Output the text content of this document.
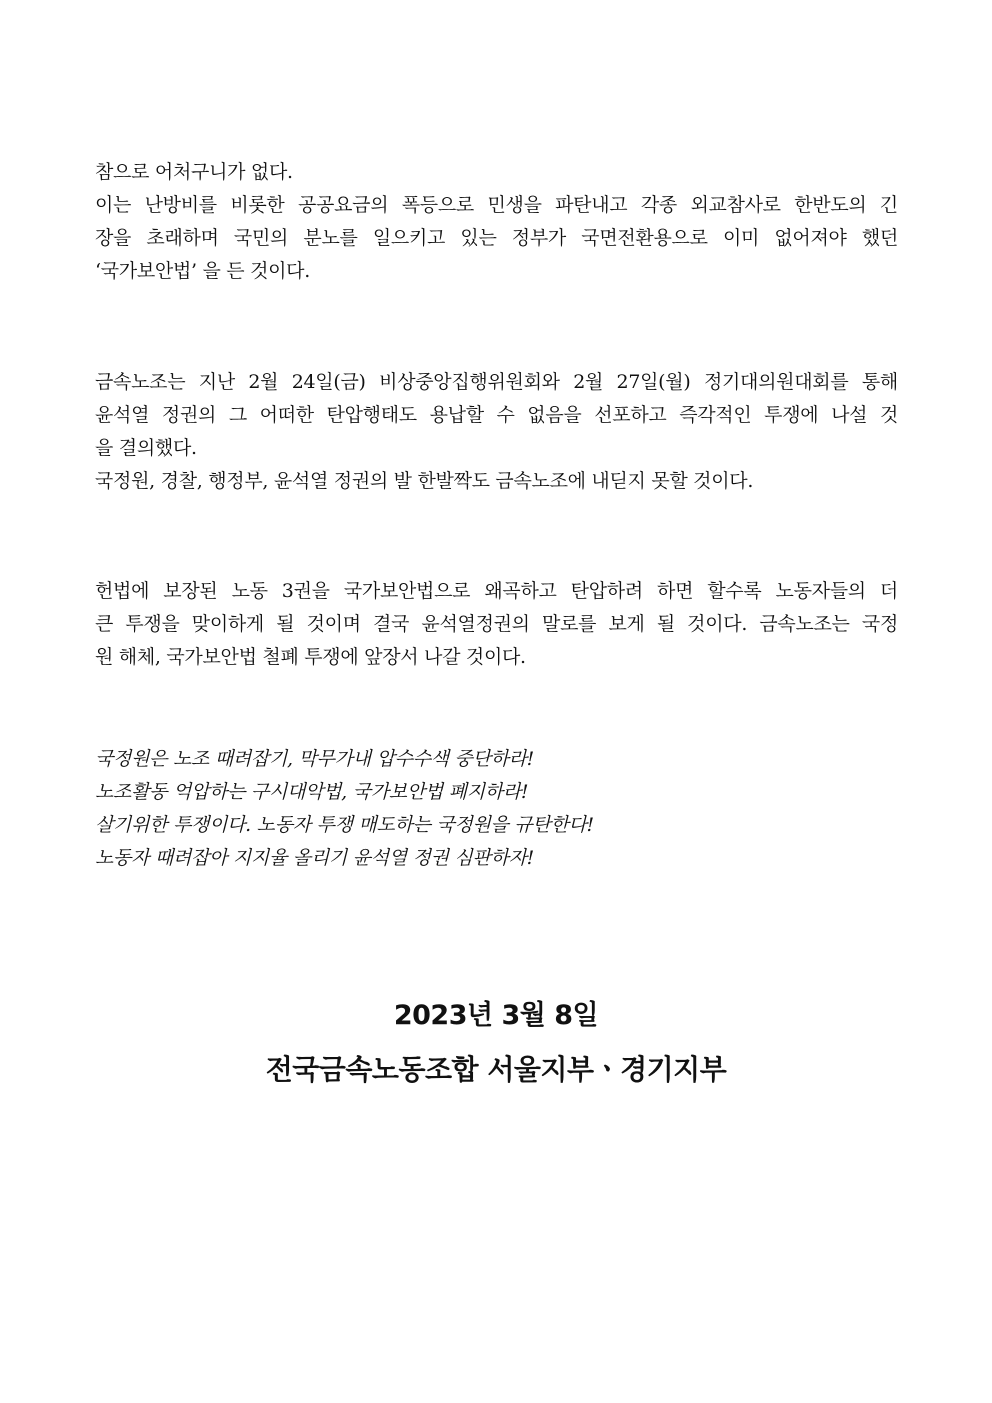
참으로 어처구니가 없다.
이는 난방비를 비롯한 공공요금의 폭등으로 민생을 파탄내고 각종 외교참사로 한반도의 긴
장을 초래하며 국민의 분노를 일으키고 있는 정부가 국면전환용으로 이미 없어져야 했던
‘국가보안법’ 을 든 것이다.
금속노조는 지난 2월 24일(금) 비상중앙집행위원회와 2월 27일(월) 정기대의원대회를 통해
윤석열 정권의 그 어떠한 탄압행태도 용납할 수 없음을 선포하고 즉각적인 투쟁에 나설 것
을 결의했다.
국정원, 경찰, 행정부, 윤석열 정권의 발 한발짝도 금속노조에 내딛지 못할 것이다.
헌법에 보장된 노동 3권을 국가보안법으로 왜곡하고 탄압하려 하면 할수록 노동자들의 더
큰 투쟁을 맞이하게 될 것이며 결국 윤석열정권의 말로를 보게 될 것이다. 금속노조는 국정
원 해체, 국가보안법 철폐 투쟁에 앞장서 나갈 것이다.
국정원은 노조 때려잡기, 막무가내 압수수색 중단하라!
노조활동 억압하는 구시대악법, 국가보안법 폐지하라!
살기위한 투쟁이다. 노동자 투쟁 매도하는 국정원을 규탄한다!
노동자 때려잡아 지지율 올리기 윤석열 정권 심판하자!
2023년 3월 8일
전국금속노동조합 서울지부ㆍ경기지부
